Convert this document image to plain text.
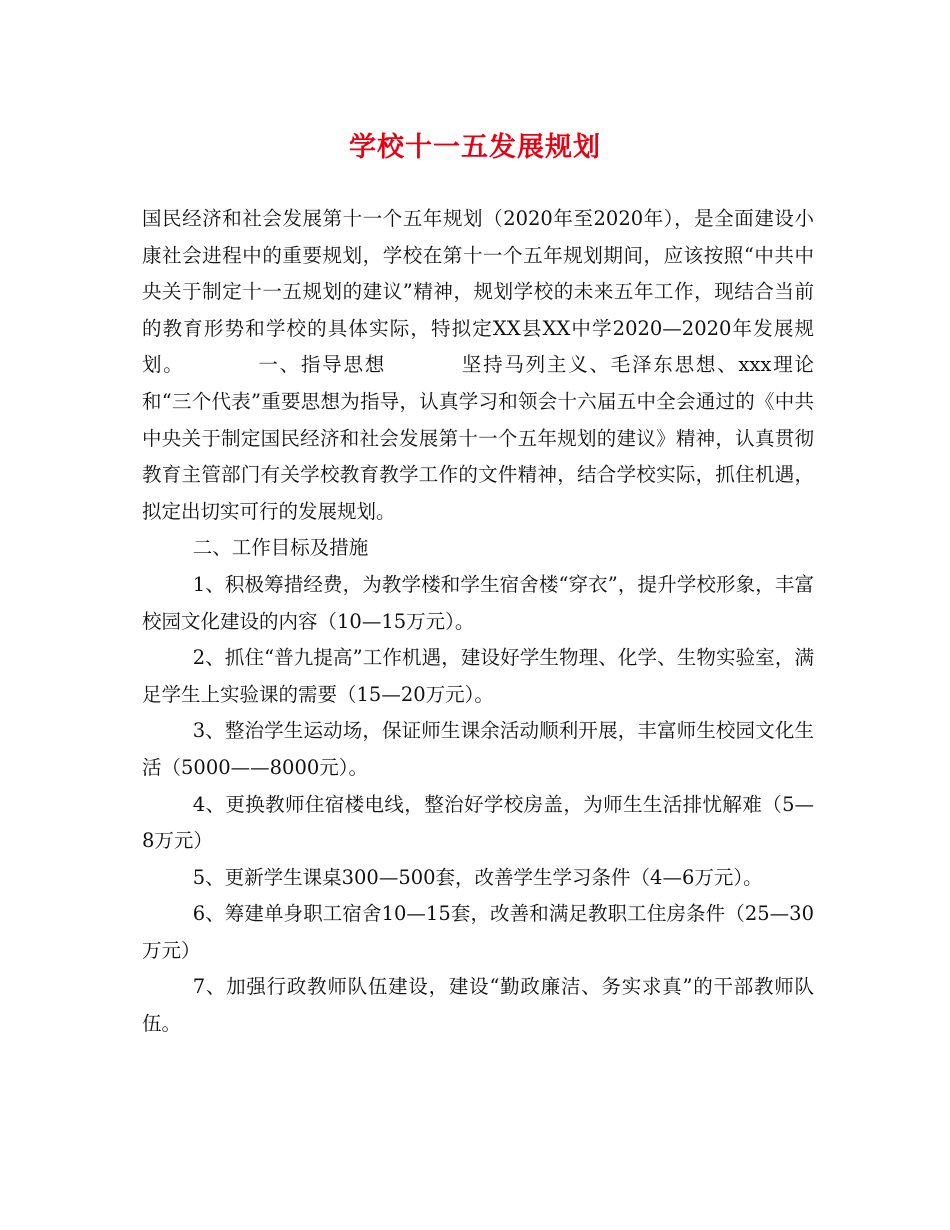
学校十一五发展规划

国民经济和社会发展第十一个五年规划（2020年至2020年），是全面建设小康社会进程中的重要规划，学校在第十一个五年规划期间，应该按照“中共中央关于制定十一五规划的建议”精神，规划学校的未来五年工作，现结合当前的教育形势和学校的具体实际，特拟定XX县XX中学2020—2020年发展规划。	一、指导思想	坚持马列主义、毛泽东思想、xxx理论和“三个代表”重要思想为指导，认真学习和领会十六届五中全会通过的《中共中央关于制定国民经济和社会发展第十一个五年规划的建议》精神，认真贯彻教育主管部门有关学校教育教学工作的文件精神，结合学校实际，抓住机遇，拟定出切实可行的发展规划。

二、工作目标及措施

1、积极筹措经费，为教学楼和学生宿舍楼“穿衣”，提升学校形象，丰富校园文化建设的内容（10—15万元）。

2、抓住“普九提高”工作机遇，建设好学生物理、化学、生物实验室，满足学生上实验课的需要（15—20万元）。

3、整治学生运动场，保证师生课余活动顺利开展，丰富师生校园文化生活（5000——8000元）。

4、更换教师住宿楼电线，整治好学校房盖，为师生生活排忧解难（5—8万元）

5、更新学生课桌300—500套，改善学生学习条件（4—6万元）。

6、筹建单身职工宿舍10—15套，改善和满足教职工住房条件（25—30万元）

7、加强行政教师队伍建设，建设“勤政廉洁、务实求真”的干部教师队伍。
